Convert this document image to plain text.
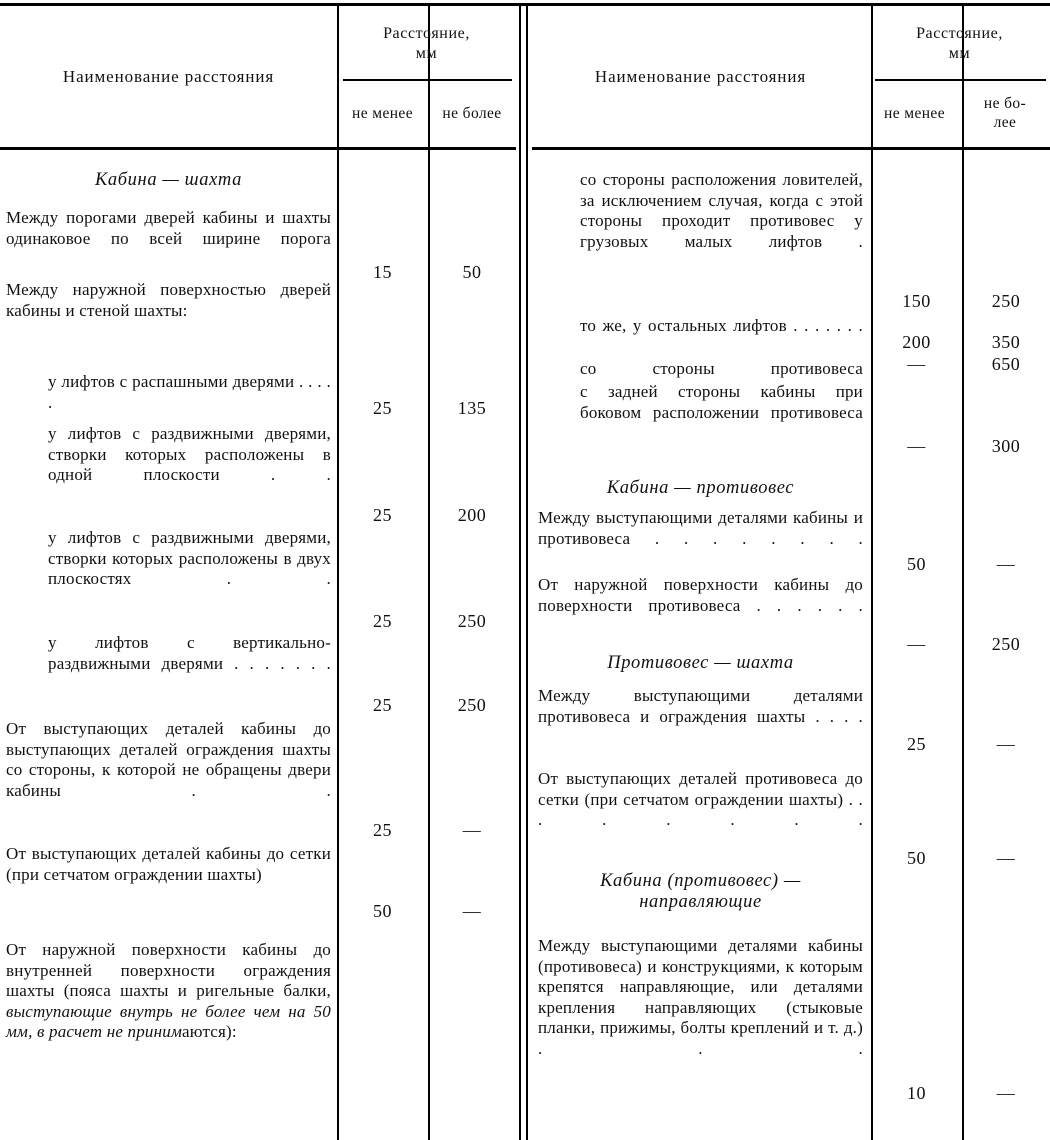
Наименование расстояния
Расстояние,
мм
не менее	не более
Кабина — шахта
Между порогами дверей кабины и шахты одинаковое по всей ширине порога
Между наружной поверхностью дверей кабины и стеной шахты:
у лифтов с распашными дверями . . . . .
у лифтов с раздвижными дверями, створки которых расположены в одной плоскости . .
у лифтов с раздвижными дверями, створки которых расположены в двух плоскостях . .
у лифтов с вертикально-раздвижными дверями . . . . . . .
От выступающих деталей кабины до выступающих деталей ограждения шахты со стороны, к которой не обращены двери кабины . .
От выступающих деталей кабины до сетки (при сетчатом ограждении шахты)
От наружной поверхности кабины до внутренней поверхности ограждения шахты (пояса шахты и ригельные балки, выступающие внутрь не более чем на 50 мм, в расчет не принимаются):
15
25
25
25
25
25
50
50
135
200
250
250
—
—
Наименование расстояния
Расстояние,
мм
не менее
не бо-
лее
со стороны расположения ловителей, за исключением случая, когда с этой стороны проходит противовес у грузовых малых лифтов .
то же, у остальных лифтов . . . . . . .
со стороны противовеса
с задней стороны кабины при боковом расположении противовеса
Кабина — противовес
Между выступающими деталями кабины и противовеса . . . . . . . .
От наружной поверхности кабины до поверхности противовеса . . . . . .
Противовес — шахта
Между выступающими деталями противовеса и ограждения шахты . . . .
От выступающих деталей противовеса до сетки (при сетчатом ограждении шахты) . . . . . . . .
Кабина (противовес) —
направляющие
Между выступающими деталями кабины (противовеса) и конструкциями, к которым крепятся направляющие, или деталями крепления направляющих (стыковые планки, прижимы, болты креплений и т. д.) . . .
150
200
—
—
50
—
25
50
10
250
350
650
300
—
250
—
—
—
